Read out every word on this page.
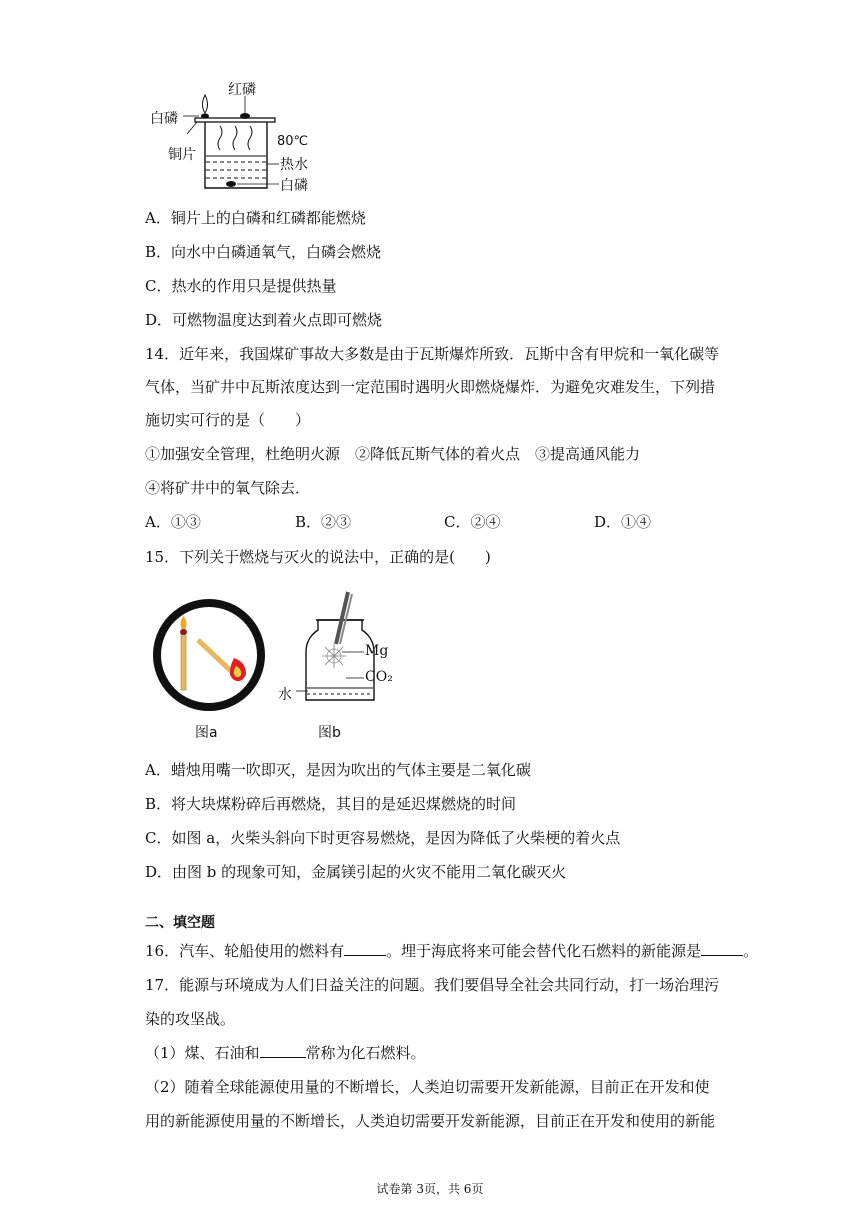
红磷
白磷
铜片
80℃
热水
白磷
A．铜片上的白磷和红磷都能燃烧
B．向水中白磷通氧气，白磷会燃烧
C．热水的作用只是提供热量
D．可燃物温度达到着火点即可燃烧
14．近年来，我国煤矿事故大多数是由于瓦斯爆炸所致．瓦斯中含有甲烷和一氧化碳等
气体，当矿井中瓦斯浓度达到一定范围时遇明火即燃烧爆炸．为避免灾难发生，下列措
施切实可行的是（　　）
①加强安全管理，杜绝明火源　②降低瓦斯气体的着火点　③提高通风能力
④将矿井中的氧气除去．
A．①③	B．②③	C．②④	D．①④
15．下列关于燃烧与灭火的说法中，正确的是(　　)
图a
Mg
CO₂
水
图b
A．蜡烛用嘴一吹即灭，是因为吹出的气体主要是二氧化碳
B．将大块煤粉碎后再燃烧，其目的是延迟煤燃烧的时间
C．如图 a，火柴头斜向下时更容易燃烧，是因为降低了火柴梗的着火点
D．由图 b 的现象可知，金属镁引起的火灾不能用二氧化碳灭火
二、填空题
16．汽车、轮船使用的燃料有	。埋于海底将来可能会替代化石燃料的新能源是	。
17．能源与环境成为人们日益关注的问题。我们要倡导全社会共同行动，打一场治理污
染的攻坚战。
（1）煤、石油和	常称为化石燃料。
（2）随着全球能源使用量的不断增长，人类迫切需要开发新能源，目前正在开发和使
用的新能源使用量的不断增长，人类迫切需要开发新能源，目前正在开发和使用的新能
试卷第 3页，共 6页
